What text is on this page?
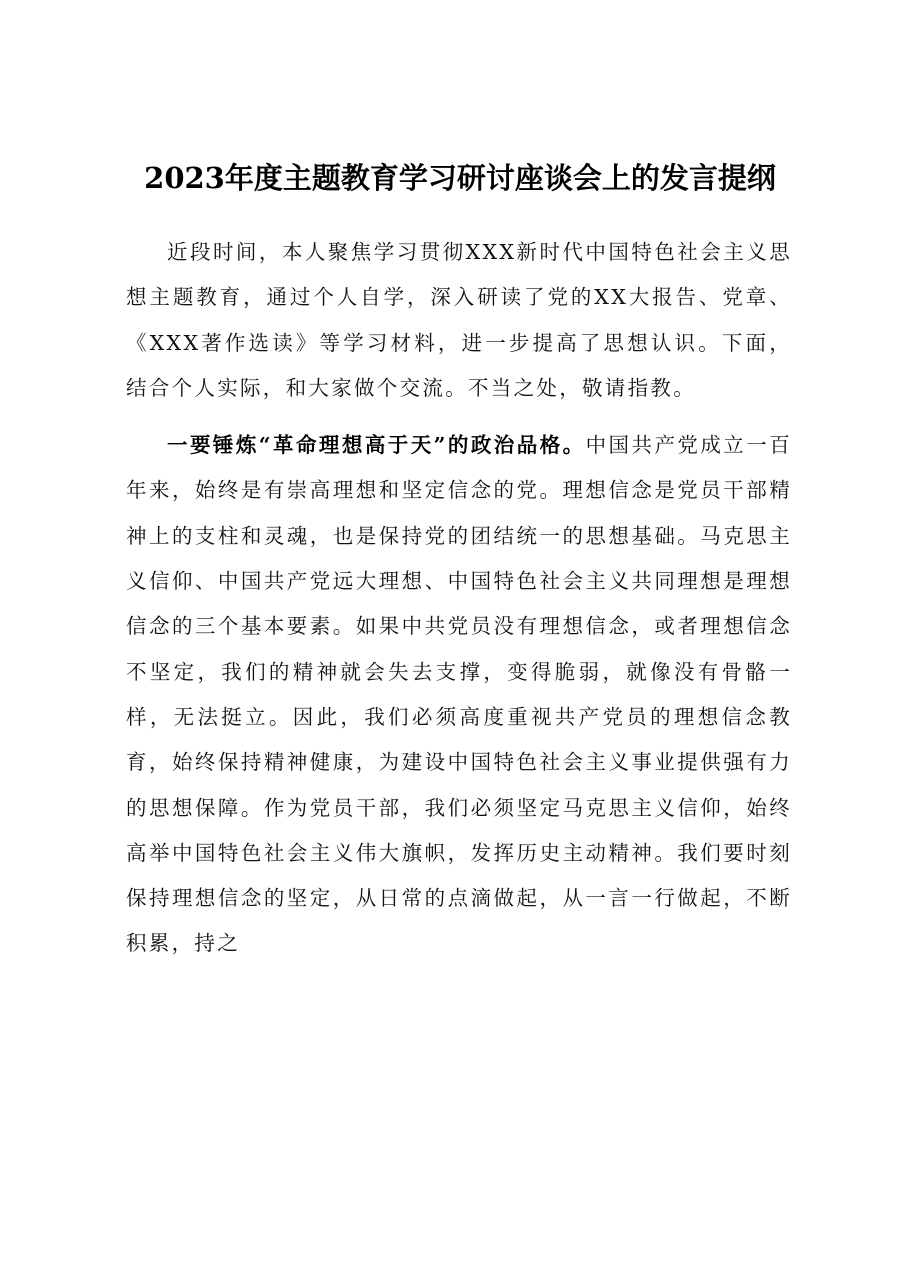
2023年度主题教育学习研讨座谈会上的发言提纲

近段时间，本人聚焦学习贯彻XXX新时代中国特色社会主义思想主题教育，通过个人自学，深入研读了党的XX大报告、党章、《XXX著作选读》等学习材料，进一步提高了思想认识。下面，结合个人实际，和大家做个交流。不当之处，敬请指教。

一要锤炼“革命理想高于天”的政治品格。中国共产党成立一百年来，始终是有崇高理想和坚定信念的党。理想信念是党员干部精神上的支柱和灵魂，也是保持党的团结统一的思想基础。马克思主义信仰、中国共产党远大理想、中国特色社会主义共同理想是理想信念的三个基本要素。如果中共党员没有理想信念，或者理想信念不坚定，我们的精神就会失去支撑，变得脆弱，就像没有骨骼一样，无法挺立。因此，我们必须高度重视共产党员的理想信念教育，始终保持精神健康，为建设中国特色社会主义事业提供强有力的思想保障。作为党员干部，我们必须坚定马克思主义信仰，始终高举中国特色社会主义伟大旗帜，发挥历史主动精神。我们要时刻保持理想信念的坚定，从日常的点滴做起，从一言一行做起，不断积累，持之
